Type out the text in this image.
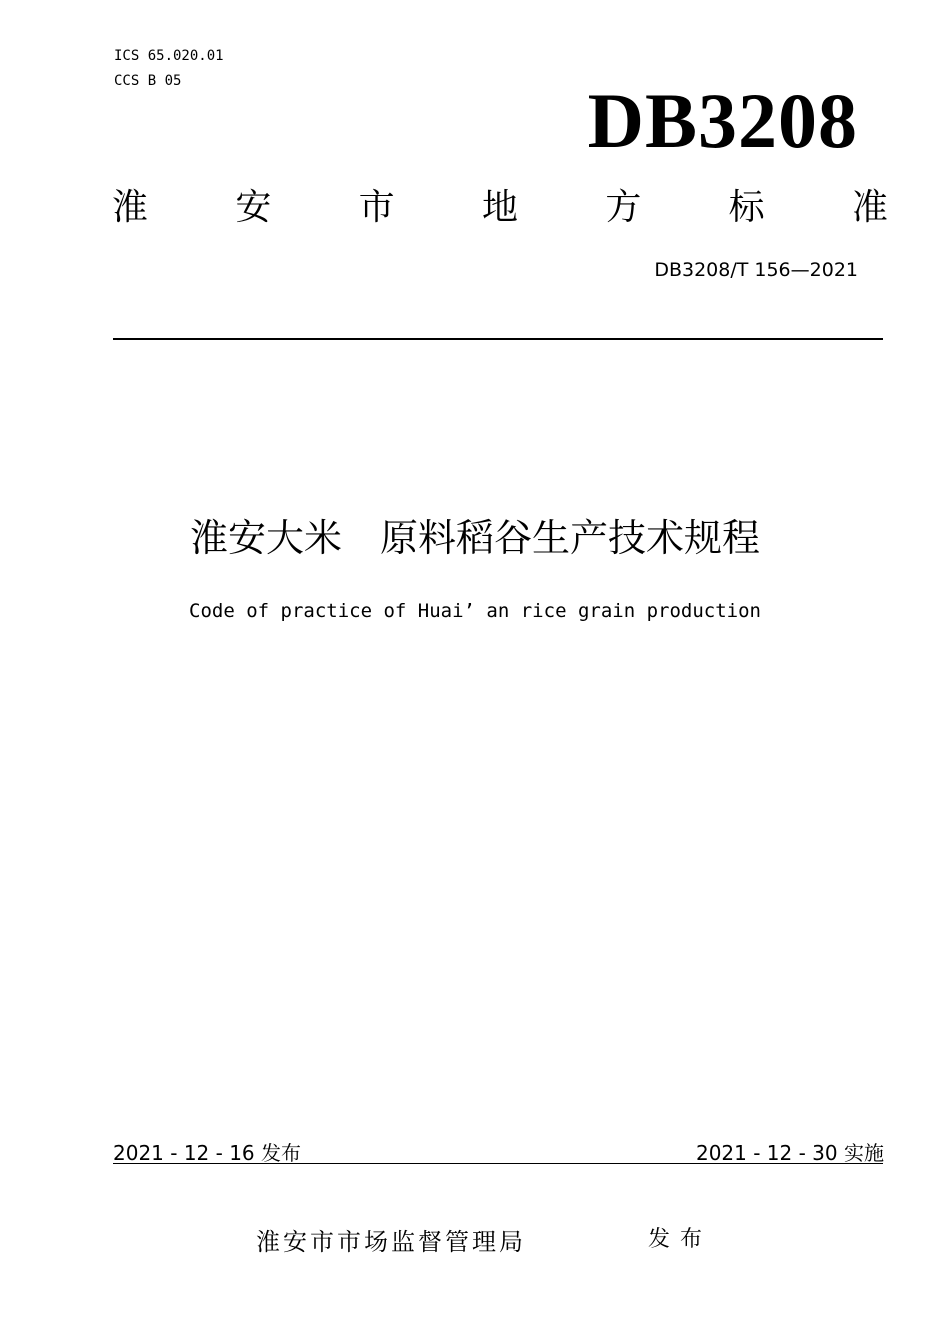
ICS 65.020.01
CCS B 05	DB3208
淮 安 市 地 方 标 准
DB3208/T 156—2021
淮安大米 原料稻谷生产技术规程
Code of practice of Huai’ an rice grain production
2021 - 12 - 16 发布	2021 - 12 - 30 实施
淮安市市场监督管理局	发布
